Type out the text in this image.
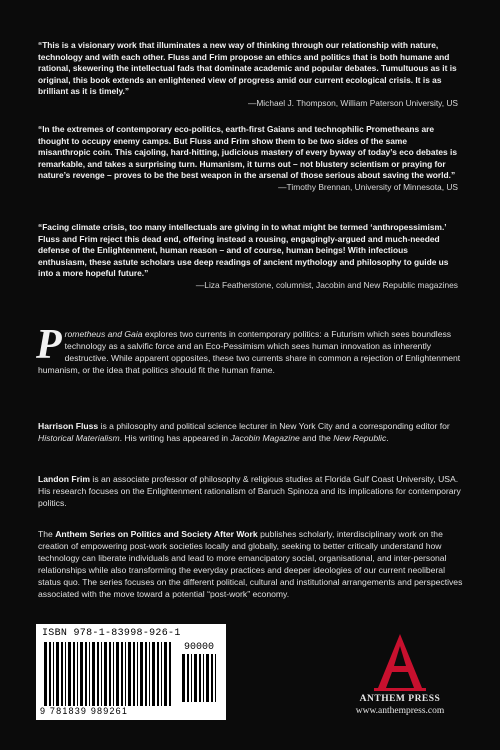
“This is a visionary work that illuminates a new way of thinking through our relationship with nature, technology and with each other. Fluss and Frim propose an ethics and politics that is both humane and rational, skewering the intellectual fads that dominate academic and popular debates. Tumultuous as it is original, this book extends an enlightened view of progress amid our current ecological crisis. It is as brilliant as it is timely.”
—Michael J. Thompson, William Paterson University, US
“In the extremes of contemporary eco-politics, earth-first Gaians and technophilic Prometheans are thought to occupy enemy camps. But Fluss and Frim show them to be two sides of the same misanthropic coin. This cajoling, hard-hitting, judicious mastery of every byway of today’s eco debates is remarkable, and takes a surprising turn. Humanism, it turns out – not blustery scientism or praying for nature’s revenge – proves to be the best weapon in the arsenal of those serious about saving the world.”
—Timothy Brennan, University of Minnesota, US
“Facing climate crisis, too many intellectuals are giving in to what might be termed ‘anthropessimism.’ Fluss and Frim reject this dead end, offering instead a rousing, engagingly-argued and much-needed defense of the Enlightenment, human reason – and of course, human beings! With infectious enthusiasm, these astute scholars use deep readings of ancient mythology and philosophy to guide us into a more hopeful future.”
—Liza Featherstone, columnist, Jacobin and New Republic magazines
Prometheus and Gaia explores two currents in contemporary politics: a Futurism which sees boundless technology as a salvific force and an Eco-Pessimism which sees human innovation as inherently destructive. While apparent opposites, these two currents share in common a rejection of Enlightenment humanism, or the idea that politics should fit the human frame.
Harrison Fluss is a philosophy and political science lecturer in New York City and a corresponding editor for Historical Materialism. His writing has appeared in Jacobin Magazine and the New Republic.
Landon Frim is an associate professor of philosophy & religious studies at Florida Gulf Coast University, USA. His research focuses on the Enlightenment rationalism of Baruch Spinoza and its implications for contemporary politics.
The Anthem Series on Politics and Society After Work publishes scholarly, interdisciplinary work on the creation of empowering post-work societies locally and globally, seeking to better critically understand how technology can liberate individuals and lead to more emancipatory social, organisational, and inter-personal relationships while also transforming the everyday practices and deeper ideologies of our current neoliberal status quo. The series focuses on the different political, cultural and institutional arrangements and perspectives associated with the move toward a potential “post-work” economy.
ISBN 978-1-83998-926-1
90000
9 781839 989261
ANTHEM PRESS
www.anthempress.com
